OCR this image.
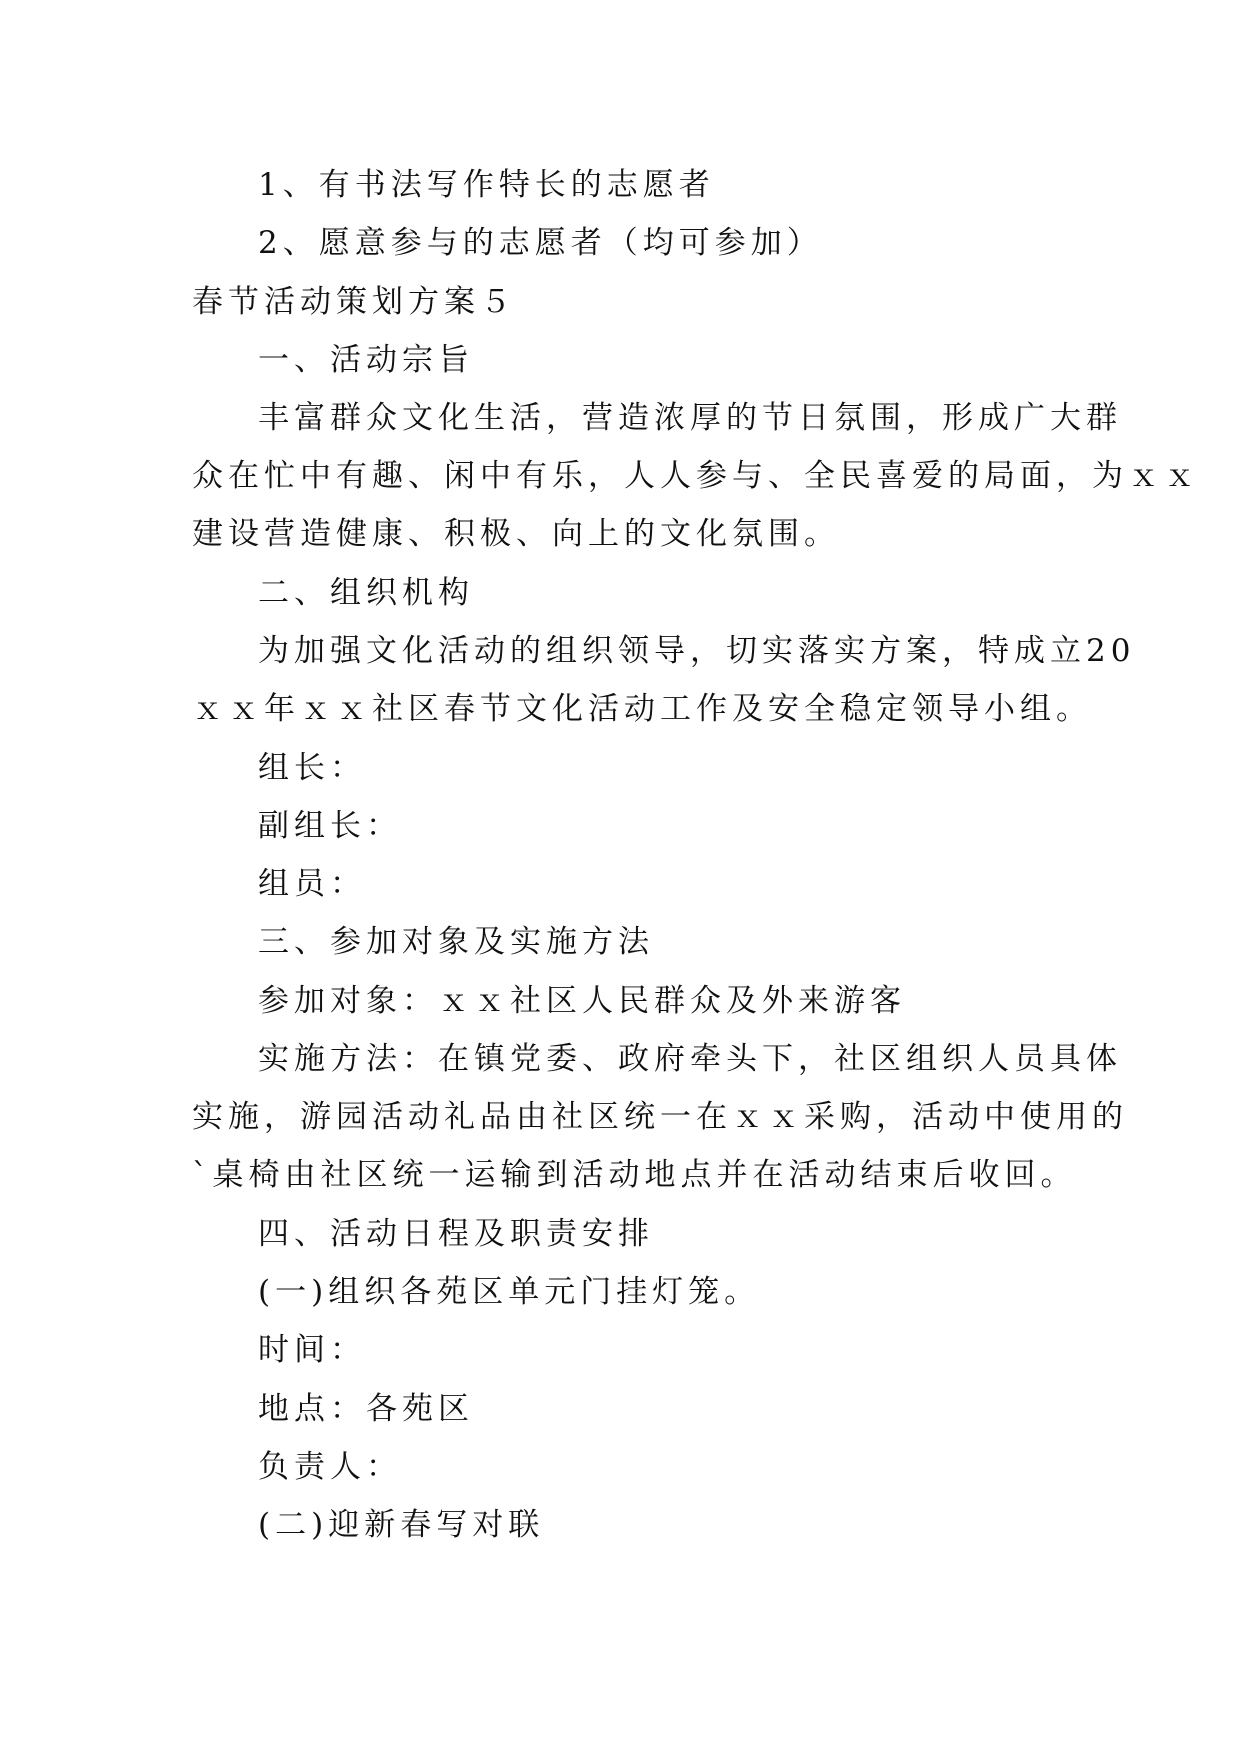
1、有书法写作特长的志愿者
2、愿意参与的志愿者（均可参加）
春节活动策划方案５
一、活动宗旨
丰富群众文化生活，营造浓厚的节日氛围，形成广大群
众在忙中有趣、闲中有乐，人人参与、全民喜爱的局面，为ｘｘ
建设营造健康、积极、向上的文化氛围。
二、组织机构
为加强文化活动的组织领导，切实落实方案，特成立20
ｘｘ年ｘｘ社区春节文化活动工作及安全稳定领导小组。
组长：
副组长：
组员：
三、参加对象及实施方法
参加对象：ｘｘ社区人民群众及外来游客
实施方法：在镇党委、政府牵头下，社区组织人员具体
实施，游园活动礼品由社区统一在ｘｘ采购，活动中使用的
`桌椅由社区统一运输到活动地点并在活动结束后收回。
四、活动日程及职责安排
(一)组织各苑区单元门挂灯笼。
时间：
地点：各苑区
负责人：
(二)迎新春写对联
